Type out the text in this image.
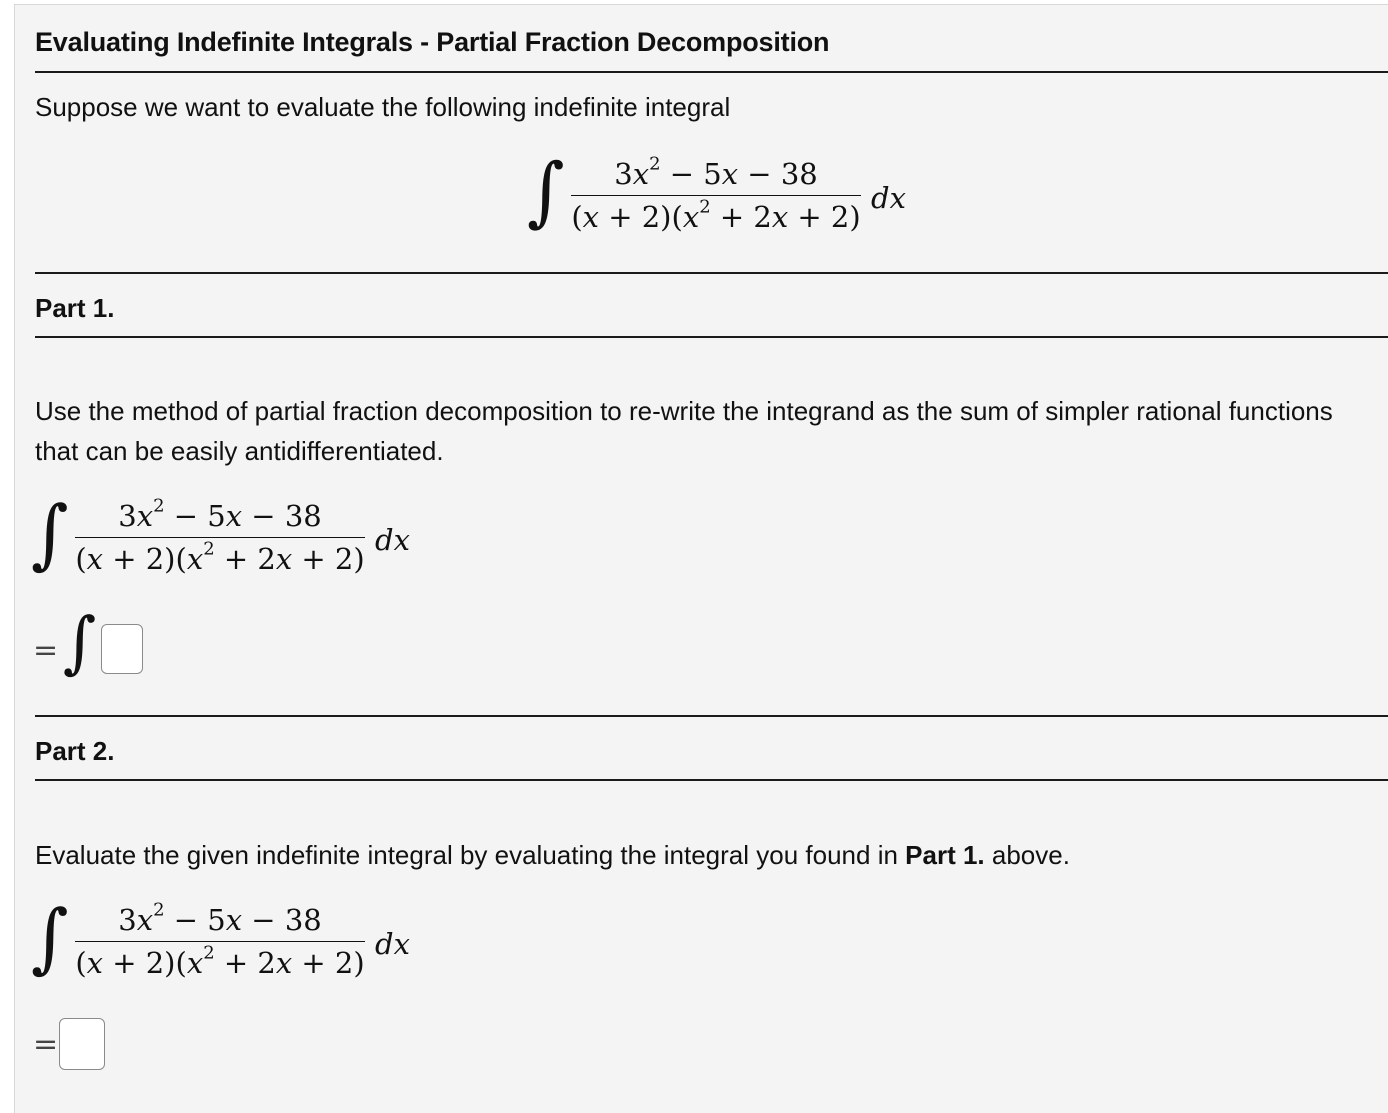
Evaluating Indefinite Integrals - Partial Fraction Decomposition
Suppose we want to evaluate the following indefinite integral
∫	$3x^2 - 5x - 38$
$(x + 2)(x^2 + 2x + 2)$
dx
Part 1.
Use the method of partial fraction decomposition to re-write the integrand as the sum of simpler rational functions that can be easily antidifferentiated.
∫	$3x^2 - 5x - 38$
$(x + 2)(x^2 + 2x + 2)$
dx
= ∫
Part 2.
Evaluate the given indefinite integral by evaluating the integral you found in Part 1. above.
∫	$3x^2 - 5x - 38$
$(x + 2)(x^2 + 2x + 2)$
dx
=
